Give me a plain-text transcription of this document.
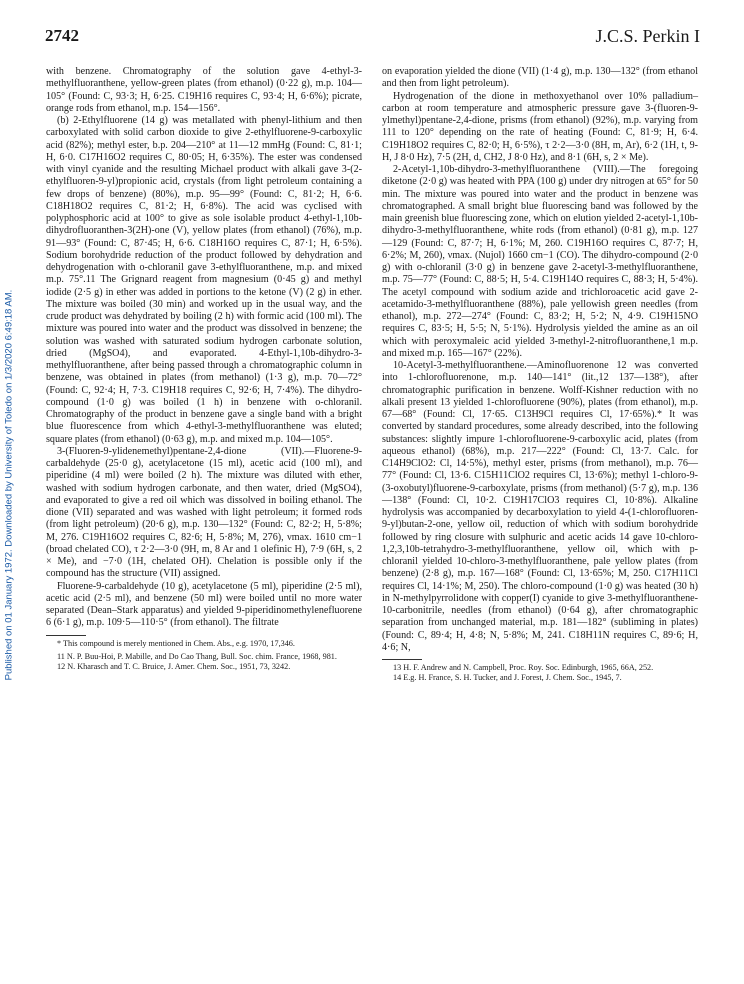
2742	J.C.S. Perkin I
Published on 01 January 1972. Downloaded by University of Toledo on 1/3/2020 6:49:18 AM.

with benzene. Chromatography of the solution gave 4-ethyl-3-methylfluoranthene, yellow-green plates (from ethanol) (0·22 g), m.p. 104—105° (Found: C, 93·3; H, 6·25. C19H16 requires C, 93·4; H, 6·6%); picrate, orange rods from ethanol, m.p. 154—156°.

(b) 2-Ethylfluorene (14 g) was metallated with phenyl-lithium and then carboxylated with solid carbon dioxide to give 2-ethylfluorene-9-carboxylic acid (82%); methyl ester, b.p. 204—210° at 11—12 mmHg (Found: C, 81·1; H, 6·0. C17H16O2 requires C, 80·05; H, 6·35%). The ester was condensed with vinyl cyanide and the resulting Michael product with alkali gave 3-(2-ethylfluoren-9-yl)propionic acid, crystals (from light petroleum containing a few drops of benzene) (80%), m.p. 95—99° (Found: C, 81·2; H, 6·6. C18H18O2 requires C, 81·2; H, 6·8%). The acid was cyclised with polyphosphoric acid at 100° to give as sole isolable product 4-ethyl-1,10b-dihydrofluoranthen-3(2H)-one (V), yellow plates (from ethanol) (76%), m.p. 91—93° (Found: C, 87·45; H, 6·6. C18H16O requires C, 87·1; H, 6·5%). Sodium borohydride reduction of the product followed by dehydration and dehydrogenation with o-chloranil gave 3-ethylfluoranthene, m.p. and mixed m.p. 75°.11 The Grignard reagent from magnesium (0·45 g) and methyl iodide (2·5 g) in ether was added in portions to the ketone (V) (2 g) in ether. The mixture was boiled (30 min) and worked up in the usual way, and the crude product was dehydrated by boiling (2 h) with formic acid (100 ml). The mixture was poured into water and the product was dissolved in benzene; the solution was washed with saturated sodium hydrogen carbonate solution, dried (MgSO4), and evaporated. 4-Ethyl-1,10b-dihydro-3-methylfluoranthene, after being passed through a chromatographic column in benzene, was obtained in plates (from methanol) (1·3 g), m.p. 70—72° (Found: C, 92·4; H, 7·3. C19H18 requires C, 92·6; H, 7·4%). The dihydro-compound (1·0 g) was boiled (1 h) in benzene with o-chloranil. Chromatography of the product in benzene gave a single band with a bright blue fluorescence from which 4-ethyl-3-methylfluoranthene was eluted; square plates (from ethanol) (0·63 g), m.p. and mixed m.p. 104—105°.

3-(Fluoren-9-ylidenemethyl)pentane-2,4-dione (VII).—Fluorene-9-carbaldehyde (25·0 g), acetylacetone (15 ml), acetic acid (100 ml), and piperidine (4 ml) were boiled (2 h). The mixture was diluted with ether, washed with sodium hydrogen carbonate, and then water, dried (MgSO4), and evaporated to give a red oil which was dissolved in boiling ethanol. The dione (VII) separated and was washed with light petroleum; it formed rods (from light petroleum) (20·6 g), m.p. 130—132° (Found: C, 82·2; H, 5·8%; M, 276. C19H16O2 requires C, 82·6; H, 5·8%; M, 276), νmax. 1610 cm−1 (broad chelated CO), τ 2·2—3·0 (9H, m, 8 Ar and 1 olefinic H), 7·9 (6H, s, 2 × Me), and −7·0 (1H, chelated OH). Chelation is possible only if the compound has the structure (VII) assigned.

Fluorene-9-carbaldehyde (10 g), acetylacetone (5 ml), piperidine (2·5 ml), acetic acid (2·5 ml), and benzene (50 ml) were boiled until no more water separated (Dean–Stark apparatus) and yielded 9-piperidinomethylenefluorene 6 (6·1 g), m.p. 109·5—110·5° (from ethanol). The filtrate

* This compound is merely mentioned in Chem. Abs., e.g. 1970, 17,346.

11 N. P. Buu-Hoi, P. Mabille, and Do Cao Thang, Bull. Soc. chim. France, 1968, 981.

12 N. Kharasch and T. C. Bruice, J. Amer. Chem. Soc., 1951, 73, 3242.

on evaporation yielded the dione (VII) (1·4 g), m.p. 130—132° (from ethanol and then from light petroleum).

Hydrogenation of the dione in methoxyethanol over 10% palladium–carbon at room temperature and atmospheric pressure gave 3-(fluoren-9-ylmethyl)pentane-2,4-dione, prisms (from ethanol) (92%), m.p. varying from 111 to 120° depending on the rate of heating (Found: C, 81·9; H, 6·4. C19H18O2 requires C, 82·0; H, 6·5%), τ 2·2—3·0 (8H, m, Ar), 6·2 (1H, t, 9-H, J 8·0 Hz), 7·5 (2H, d, CH2, J 8·0 Hz), and 8·1 (6H, s, 2 × Me).

2-Acetyl-1,10b-dihydro-3-methylfluoranthene (VIII).—The foregoing diketone (2·0 g) was heated with PPA (100 g) under dry nitrogen at 65° for 50 min. The mixture was poured into water and the product in benzene was chromatographed. A small bright blue fluorescing band was followed by the main greenish blue fluorescing zone, which on elution yielded 2-acetyl-1,10b-dihydro-3-methylfluoranthene, white rods (from ethanol) (0·81 g), m.p. 127—129 (Found: C, 87·7; H, 6·1%; M, 260. C19H16O requires C, 87·7; H, 6·2%; M, 260), νmax. (Nujol) 1660 cm−1 (CO). The dihydro-compound (2·0 g) with o-chloranil (3·0 g) in benzene gave 2-acetyl-3-methylfluoranthene, m.p. 75—77° (Found: C, 88·5; H, 5·4. C19H14O requires C, 88·3; H, 5·4%). The acetyl compound with sodium azide and trichloroacetic acid gave 2-acetamido-3-methylfluoranthene (88%), pale yellowish green needles (from ethanol), m.p. 272—274° (Found: C, 83·2; H, 5·2; N, 4·9. C19H15NO requires C, 83·5; H, 5·5; N, 5·1%). Hydrolysis yielded the amine as an oil which with peroxymaleic acid yielded 3-methyl-2-nitrofluoranthene,1 m.p. and mixed m.p. 165—167° (22%).

10-Acetyl-3-methylfluoranthene.—Aminofluorenone 12 was converted into 1-chlorofluorenone, m.p. 140—141° (lit.,12 137—138°), after chromatographic purification in benzene. Wolff-Kishner reduction with no alkali present 13 yielded 1-chlorofluorene (90%), plates (from ethanol), m.p. 67—68° (Found: Cl, 17·65. C13H9Cl requires Cl, 17·65%).* It was converted by standard procedures, some already described, into the following substances: slightly impure 1-chlorofluorene-9-carboxylic acid, plates (from aqueous ethanol) (68%), m.p. 217—222° (Found: Cl, 13·7. Calc. for C14H9ClO2: Cl, 14·5%), methyl ester, prisms (from methanol), m.p. 76—77° (Found: Cl, 13·6. C15H11ClO2 requires Cl, 13·6%); methyl 1-chloro-9-(3-oxobutyl)fluorene-9-carboxylate, prisms (from methanol) (5·7 g), m.p. 136—138° (Found: Cl, 10·2. C19H17ClO3 requires Cl, 10·8%). Alkaline hydrolysis was accompanied by decarboxylation to yield 4-(1-chlorofluoren-9-yl)butan-2-one, yellow oil, reduction of which with sodium borohydride followed by ring closure with sulphuric and acetic acids 14 gave 10-chloro-1,2,3,10b-tetrahydro-3-methylfluoranthene, yellow oil, which with p-chloranil yielded 10-chloro-3-methylfluoranthene, pale yellow plates (from benzene) (2·8 g), m.p. 167—168° (Found: Cl, 13·65%; M, 250. C17H11Cl requires Cl, 14·1%; M, 250). The chloro-compound (1·0 g) was heated (30 h) in N-methylpyrrolidone with copper(I) cyanide to give 3-methylfluoranthene-10-carbonitrile, needles (from ethanol) (0·64 g), after chromatographic separation from unchanged material, m.p. 181—182° (subliming in plates) (Found: C, 89·4; H, 4·8; N, 5·8%; M, 241. C18H11N requires C, 89·6; H, 4·6; N,

13 H. F. Andrew and N. Campbell, Proc. Roy. Soc. Edinburgh, 1965, 66A, 252.

14 E.g. H. France, S. H. Tucker, and J. Forest, J. Chem. Soc., 1945, 7.
